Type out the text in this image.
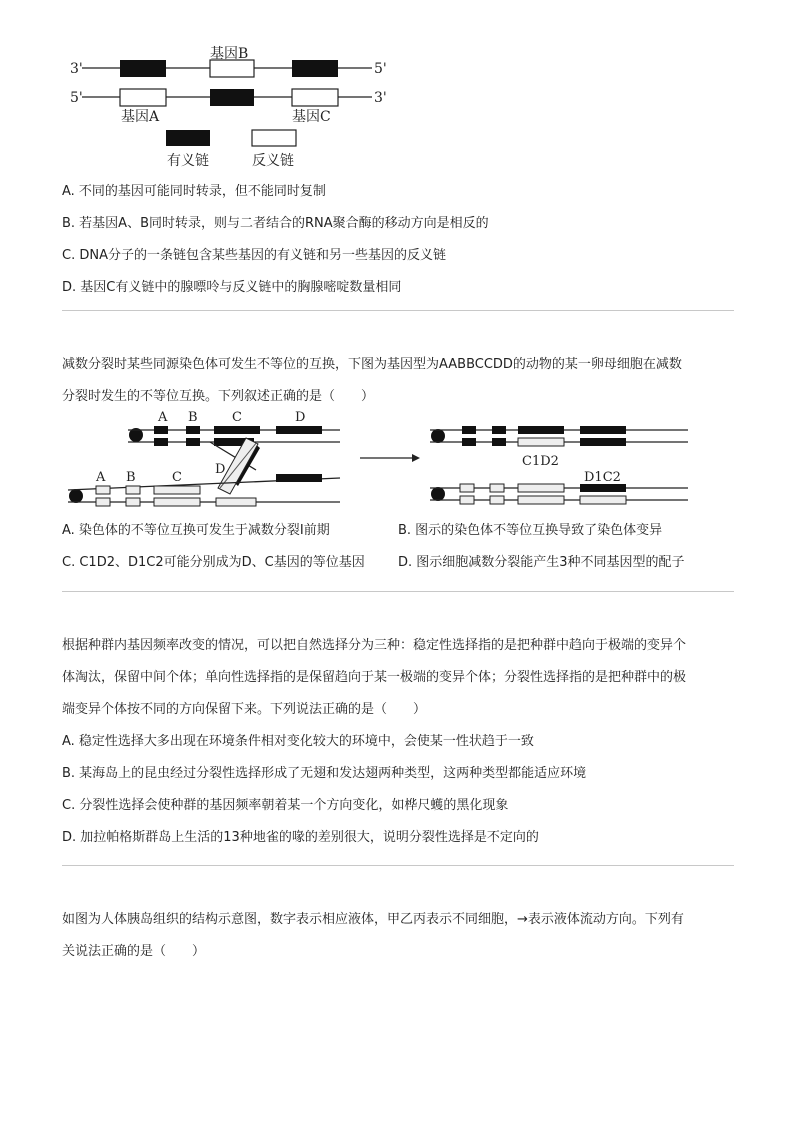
3'	5'
5'	3'
基因B
基因A	基因C
有义链	反义链
A. 不同的基因可能同时转录，但不能同时复制
B. 若基因A、B同时转录，则与二者结合的RNA聚合酶的移动方向是相反的
C. DNA分子的一条链包含某些基因的有义链和另一些基因的反义链
D. 基因C有义链中的腺嘌呤与反义链中的胸腺嘧啶数量相同
减数分裂时某些同源染色体可发生不等位的互换，下图为基因型为AABBCCDD的动物的某一卵母细胞在减数
分裂时发生的不等位互换。下列叙述正确的是（　　）
A B	C	D
D
A B	C
C1D2
D1C2
A. 染色体的不等位互换可发生于减数分裂Ⅰ前期	B. 图示的染色体不等位互换导致了染色体变异
C. C1D2、D1C2可能分别成为D、C基因的等位基因	D. 图示细胞减数分裂能产生3种不同基因型的配子
根据种群内基因频率改变的情况，可以把自然选择分为三种：稳定性选择指的是把种群中趋向于极端的变异个
体淘汰，保留中间个体；单向性选择指的是保留趋向于某一极端的变异个体；分裂性选择指的是把种群中的极
端变异个体按不同的方向保留下来。下列说法正确的是（　　）
A. 稳定性选择大多出现在环境条件相对变化较大的环境中，会使某一性状趋于一致
B. 某海岛上的昆虫经过分裂性选择形成了无翅和发达翅两种类型，这两种类型都能适应环境
C. 分裂性选择会使种群的基因频率朝着某一个方向变化，如桦尺蠖的黑化现象
D. 加拉帕格斯群岛上生活的13种地雀的喙的差别很大，说明分裂性选择是不定向的
如图为人体胰岛组织的结构示意图，数字表示相应液体，甲乙丙表示不同细胞，→表示液体流动方向。下列有
关说法正确的是（　　）
